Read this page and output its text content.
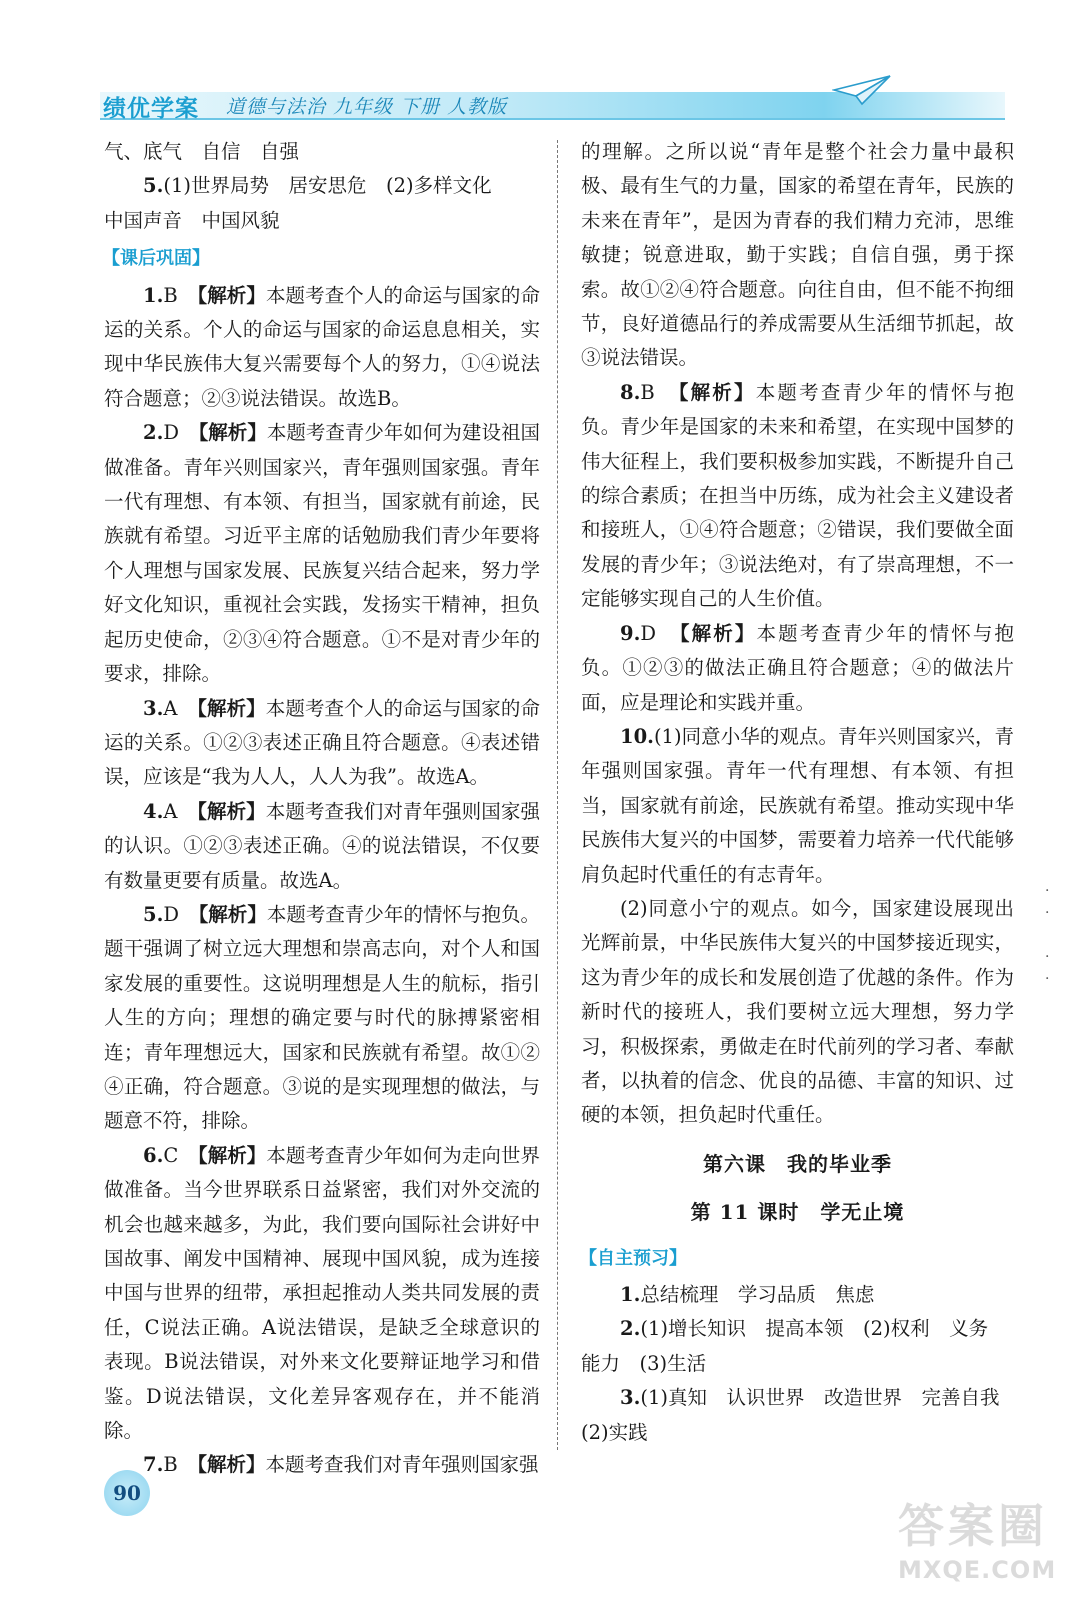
绩优学案 道德与法治 九年级 下册 人教版
气、底气　自信　自强
5.(1)世界局势　居安思危　(2)多样文化
中国声音　中国风貌
【课后巩固】
1.B　 【解析】本题考查个人的命运与国家的命运的关系。个人的命运与国家的命运息息相关，实现中华民族伟大复兴需要每个人的努力，①④说法符合题意；②③说法错误。故选B。
2.D　 【解析】本题考查青少年如何为建设祖国做准备。青年兴则国家兴，青年强则国家强。青年一代有理想、有本领、有担当，国家就有前途，民族就有希望。习近平主席的话勉励我们青少年要将个人理想与国家发展、民族复兴结合起来，努力学好文化知识，重视社会实践，发扬实干精神，担负起历史使命，②③④符合题意。①不是对青少年的要求，排除。
3.A　 【解析】本题考查个人的命运与国家的命运的关系。①②③表述正确且符合题意。④表述错误，应该是“我为人人，人人为我”。故选A。
4.A　 【解析】本题考查我们对青年强则国家强的认识。①②③表述正确。④的说法错误，不仅要有数量更要有质量。故选A。
5.D　 【解析】本题考查青少年的情怀与抱负。题干强调了树立远大理想和崇高志向，对个人和国家发展的重要性。这说明理想是人生的航标，指引人生的方向；理想的确定要与时代的脉搏紧密相连；青年理想远大，国家和民族就有希望。故①②④正确，符合题意。③说的是实现理想的做法，与题意不符，排除。
6.C　 【解析】本题考查青少年如何为走向世界做准备。当今世界联系日益紧密，我们对外交流的机会也越来越多，为此，我们要向国际社会讲好中国故事、阐发中国精神、展现中国风貌，成为连接中国与世界的纽带，承担起推动人类共同发展的责任，C说法正确。A说法错误，是缺乏全球意识的表现。B说法错误，对外来文化要辩证地学习和借鉴。D说法错误，文化差异客观存在，并不能消除。
7.B　 【解析】本题考查我们对青年强则国家强
的理解。之所以说“青年是整个社会力量中最积极、最有生气的力量，国家的希望在青年，民族的未来在青年”，是因为青春的我们精力充沛，思维敏捷；锐意进取，勤于实践；自信自强，勇于探索。故①②④符合题意。向往自由，但不能不拘细节，良好道德品行的养成需要从生活细节抓起，故③说法错误。
8.B　 【解析】本题考查青少年的情怀与抱负。青少年是国家的未来和希望，在实现中国梦的伟大征程上，我们要积极参加实践，不断提升自己的综合素质；在担当中历练，成为社会主义建设者和接班人，①④符合题意；②错误，我们要做全面发展的青少年；③说法绝对，有了崇高理想，不一定能够实现自己的人生价值。
9.D　 【解析】本题考查青少年的情怀与抱负。①②③的做法正确且符合题意；④的做法片面，应是理论和实践并重。
10.(1)同意小华的观点。青年兴则国家兴，青年强则国家强。青年一代有理想、有本领、有担当，国家就有前途，民族就有希望。推动实现中华民族伟大复兴的中国梦，需要着力培养一代代能够肩负起时代重任的有志青年。
(2)同意小宁的观点。如今，国家建设展现出光辉前景，中华民族伟大复兴的中国梦接近现实，这为青少年的成长和发展创造了优越的条件。作为新时代的接班人，我们要树立远大理想，努力学习，积极探索，勇做走在时代前列的学习者、奉献者，以执着的信念、优良的品德、丰富的知识、过硬的本领，担负起时代重任。
第六课　我的毕业季
第 11 课时　学无止境
【自主预习】
1.总结梳理　学习品质　焦虑
2.(1)增长知识　提高本领　(2)权利　义务
能力　(3)生活
3.(1)真知　认识世界　改造世界　完善自我
(2)实践
·
·

·
·
90
答案圈
MXQE.COM
